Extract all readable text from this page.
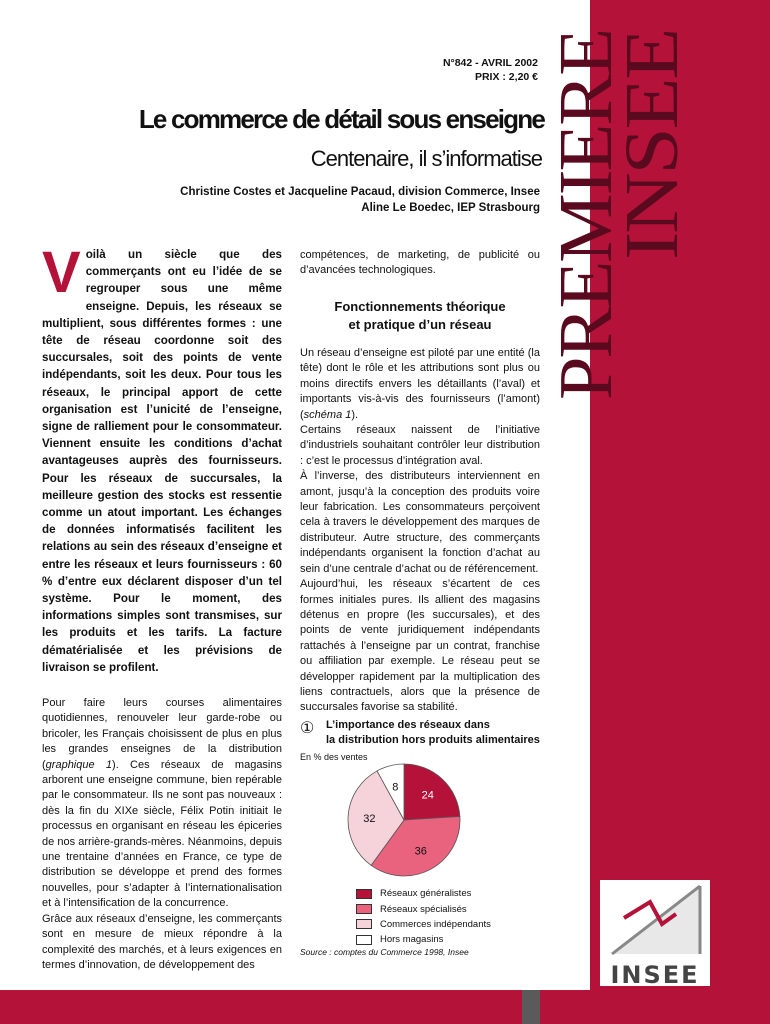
N°842 - AVRIL 2002
PRIX : 2,20 €
Le commerce de détail sous enseigne
Centenaire, il s’informatise
Christine Costes et Jacqueline Pacaud, division Commerce, Insee
Aline Le Boedec, IEP Strasbourg
Voilà un siècle que des commerçants ont eu l’idée de se regrouper sous une même enseigne. Depuis, les réseaux se multiplient, sous différentes formes : une tête de réseau coordonne soit des succursales, soit des points de vente indépendants, soit les deux. Pour tous les réseaux, le principal apport de cette organisation est l’unicité de l’enseigne, signe de ralliement pour le consommateur. Viennent ensuite les conditions d’achat avantageuses auprès des fournisseurs. Pour les réseaux de succursales, la meilleure gestion des stocks est ressentie comme un atout important. Les échanges de données informatisés facilitent les relations au sein des réseaux d’enseigne et entre les réseaux et leurs fournisseurs : 60 % d’entre eux déclarent disposer d’un tel système. Pour le moment, des informations simples sont transmises, sur les produits et les tarifs. La facture dématérialisée et les prévisions de livraison se profilent.

Pour faire leurs courses alimentaires quotidiennes, renouveler leur garde-robe ou bricoler, les Français choisissent de plus en plus les grandes enseignes de la distribution (graphique 1). Ces réseaux de magasins arborent une enseigne commune, bien repérable par le consommateur. Ils ne sont pas nouveaux : dès la fin du XIXe siècle, Félix Potin initiait le processus en organisant en réseau les épiceries de nos arrière-grands-mères. Néanmoins, depuis une trentaine d’années en France, ce type de distribution se développe et prend des formes nouvelles, pour s’adapter à l’internationalisation et à l’intensification de la concurrence.

Grâce aux réseaux d’enseigne, les commerçants sont en mesure de mieux répondre à la complexité des marchés, et à leurs exigences en termes d’innovation, de développement des

compétences, de marketing, de publicité ou d’avancées technologiques.
Fonctionnements théorique
et pratique d’un réseau

Un réseau d’enseigne est piloté par une entité (la tête) dont le rôle et les attributions sont plus ou moins directifs envers les détaillants (l’aval) et importants vis-à-vis des fournisseurs (l’amont) (schéma 1).

Certains réseaux naissent de l’initiative d’industriels souhaitant contrôler leur distribution : c’est le processus d’intégration aval.

À l’inverse, des distributeurs interviennent en amont, jusqu’à la conception des produits voire leur fabrication. Les consommateurs perçoivent cela à travers le développement des marques de distributeur. Autre structure, des commerçants indépendants organisent la fonction d’achat au sein d’une centrale d’achat ou de référencement.

Aujourd’hui, les réseaux s’écartent de ces formes initiales pures. Ils allient des magasins détenus en propre (les succursales), et des points de vente juridiquement indépendants rattachés à l’enseigne par un contrat, franchise ou affiliation par exemple. Le réseau peut se développer rapidement par la multiplication des liens contractuels, alors que la présence de succursales favorise sa stabilité.

① L’importance des réseaux dans
la distribution hors produits alimentaires
En % des ventes
24
36
32
8
Réseaux généralistes
Réseaux spécialisés
Commerces indépendants
Hors magasins
Source : comptes du Commerce 1998, Insee
PREMIERE
INSEE
INSEE
